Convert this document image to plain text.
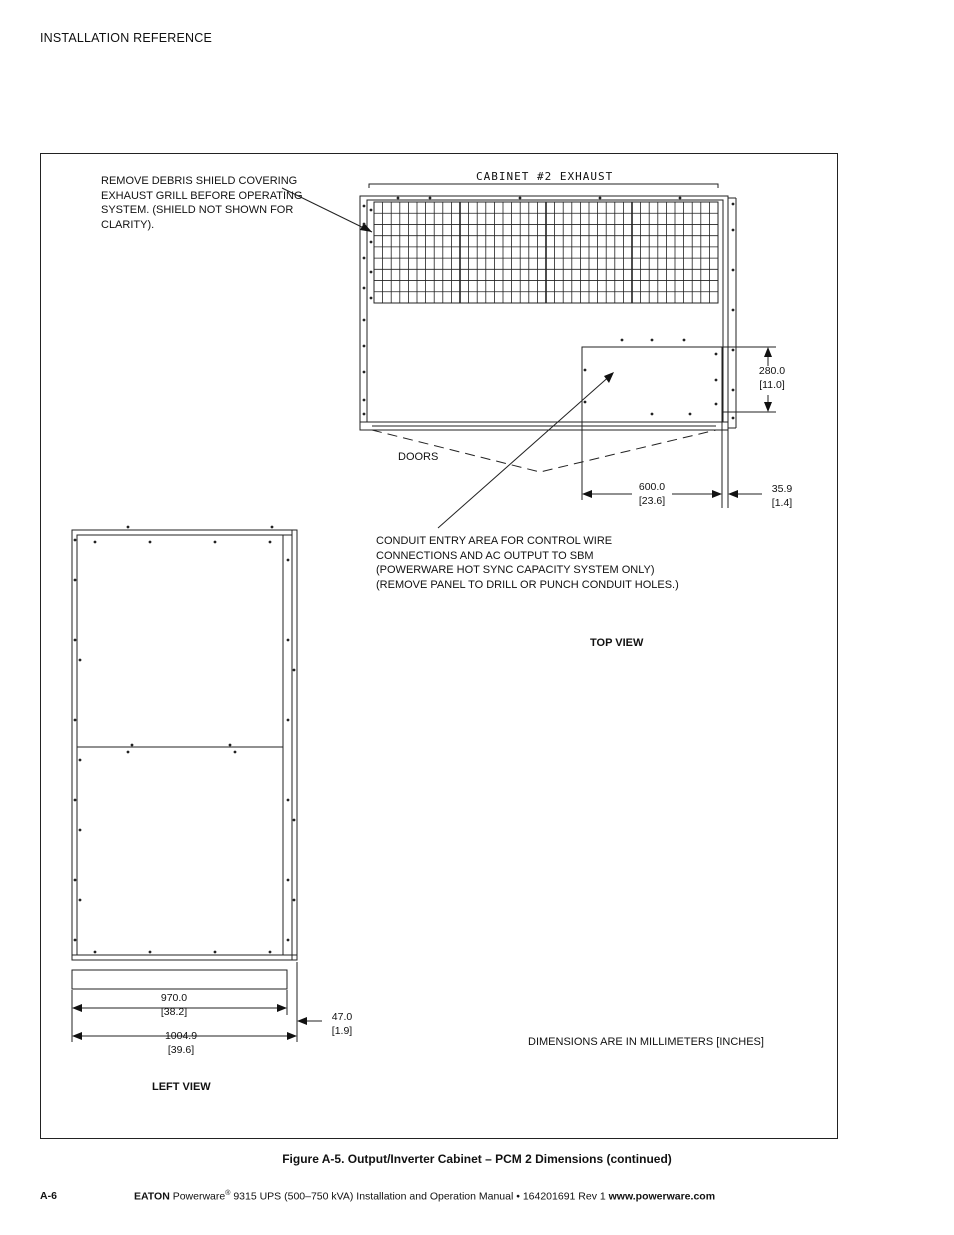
INSTALLATION REFERENCE
CABINET #2 EXHAUST
REMOVE DEBRIS SHIELD COVERING
EXHAUST GRILL BEFORE OPERATING
SYSTEM. (SHIELD NOT SHOWN FOR
CLARITY).
280.0
[11.0]
DOORS
600.0
[23.6]
35.9
[1.4]
CONDUIT ENTRY AREA FOR CONTROL WIRE
CONNECTIONS AND AC OUTPUT TO SBM
(POWERWARE HOT SYNC CAPACITY SYSTEM ONLY)
(REMOVE PANEL TO DRILL OR PUNCH CONDUIT HOLES.)
TOP VIEW
970.0
[38.2]
1004.9
[39.6]
47.0
[1.9]
LEFT VIEW
DIMENSIONS ARE IN MILLIMETERS [INCHES]
Figure A-5. Output/Inverter Cabinet – PCM 2 Dimensions (continued)
A-6	EATON Powerware® 9315 UPS (500–750 kVA) Installation and Operation Manual • 164201691 Rev 1 www.powerware.com
